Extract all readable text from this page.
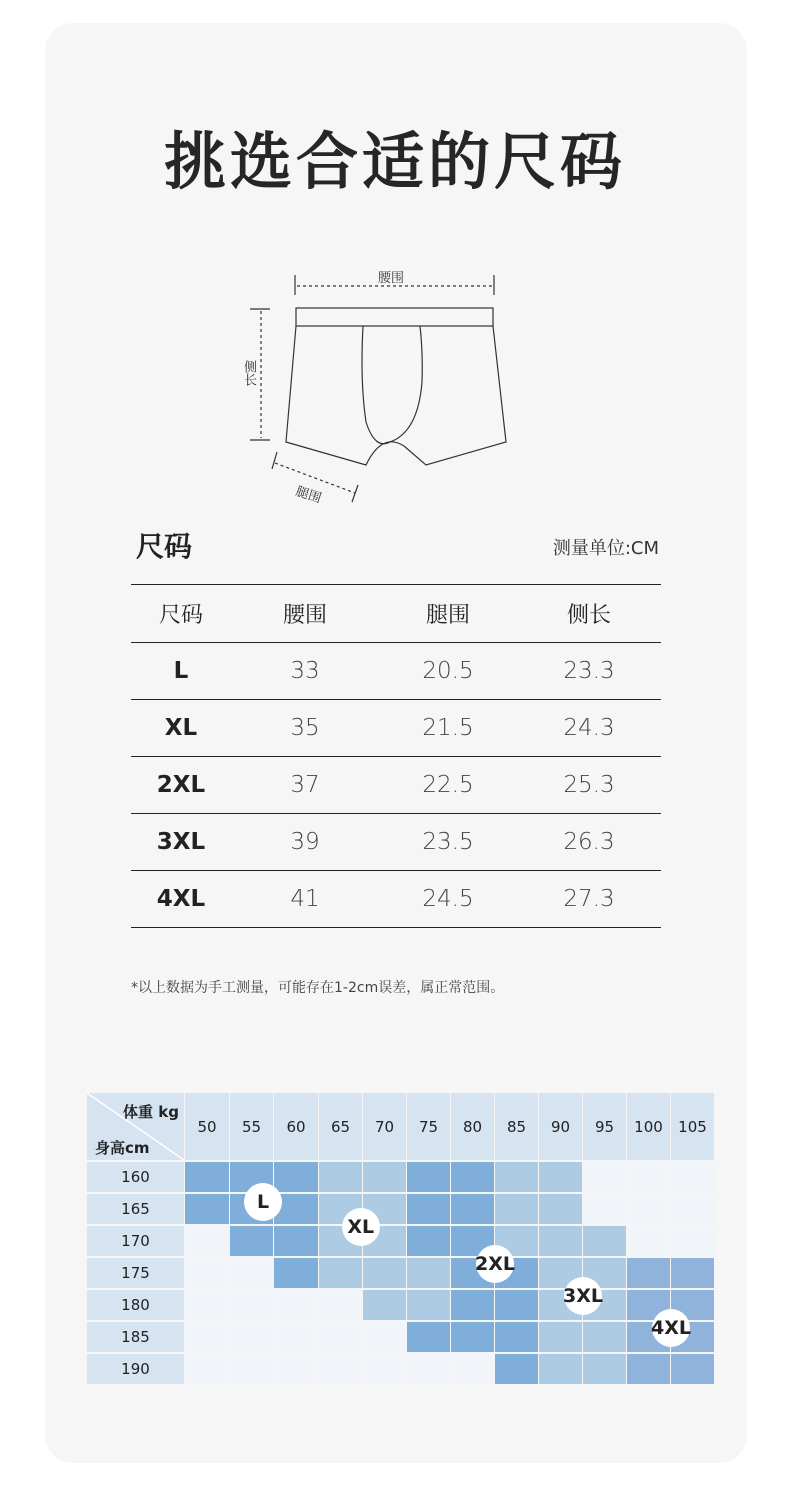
挑选合适的尺码
腰围
侧长
腿围
尺码	测量单位:CM
尺码	腰围	腿围	侧长
L	33	20.5	23.3
XL	35	21.5	24.3
2XL	37	22.5	25.3
3XL	39	23.5	26.3
4XL	41	24.5	27.3
*以上数据为手工测量，可能存在1-2cm误差，属正常范围。
体重 kg
身高cm
50	55	60	65	70	75	80	85	90	95	100	105
160
165
170
175
180
185
190
L
XL
2XL
3XL
4XL
